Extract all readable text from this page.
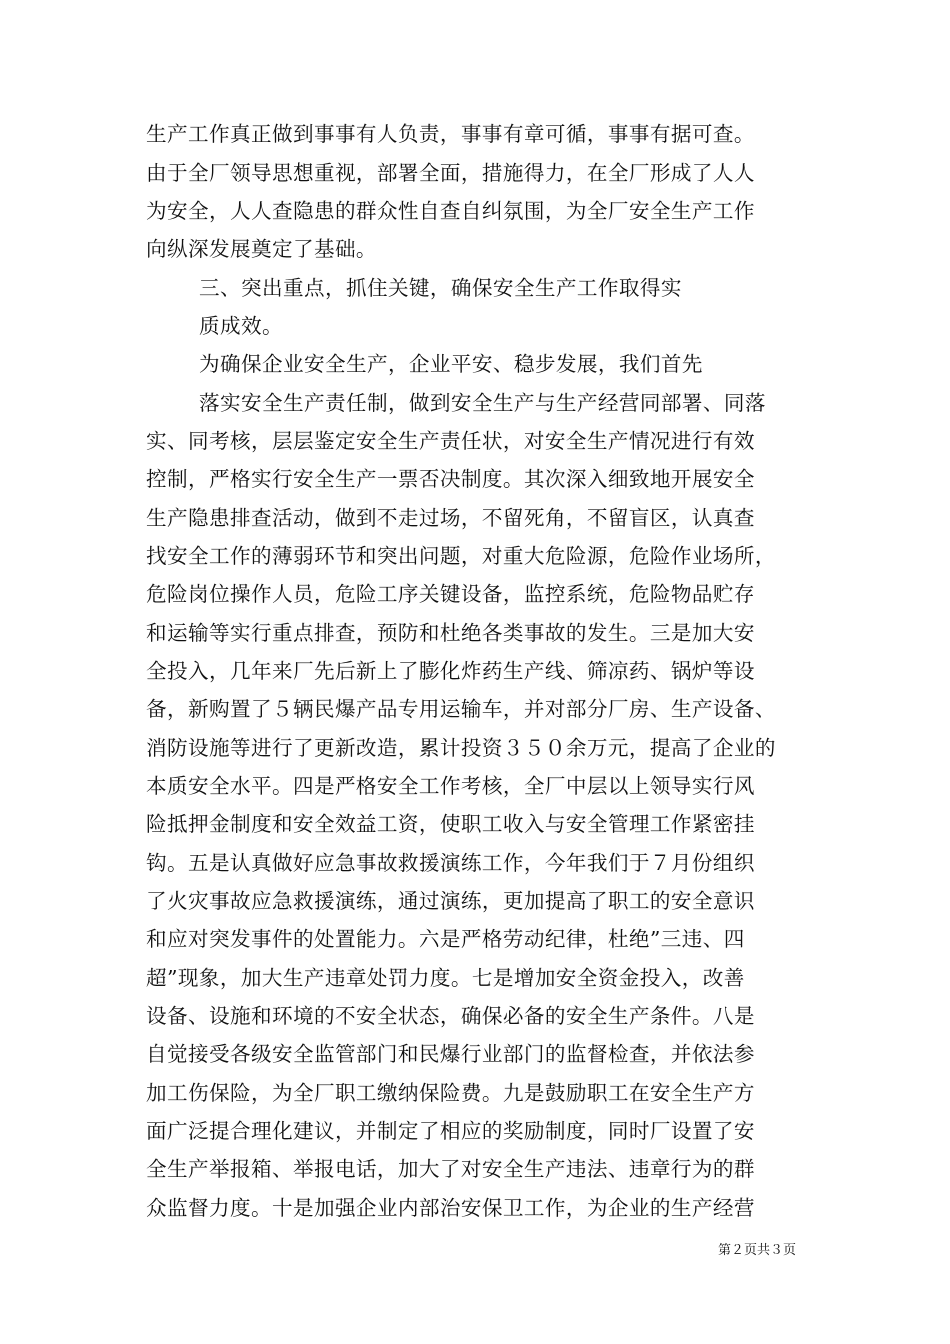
生产工作真正做到事事有人负责，事事有章可循，事事有据可查。
由于全厂领导思想重视，部署全面，措施得力，在全厂形成了人人
为安全，人人查隐患的群众性自查自纠氛围，为全厂安全生产工作
向纵深发展奠定了基础。
三、突出重点，抓住关键，确保安全生产工作取得实
质成效。
为确保企业安全生产，企业平安、稳步发展，我们首先
落实安全生产责任制，做到安全生产与生产经营同部署、同落
实、同考核，层层鉴定安全生产责任状，对安全生产情况进行有效
控制，严格实行安全生产一票否决制度。其次深入细致地开展安全
生产隐患排查活动，做到不走过场，不留死角，不留盲区，认真查
找安全工作的薄弱环节和突出问题，对重大危险源，危险作业场所，
危险岗位操作人员，危险工序关键设备，监控系统，危险物品贮存
和运输等实行重点排查，预防和杜绝各类事故的发生。三是加大安
全投入，几年来厂先后新上了膨化炸药生产线、筛凉药、锅炉等设
备，新购置了５辆民爆产品专用运输车，并对部分厂房、生产设备、
消防设施等进行了更新改造，累计投资３５０余万元，提高了企业的
本质安全水平。四是严格安全工作考核，全厂中层以上领导实行风
险抵押金制度和安全效益工资，使职工收入与安全管理工作紧密挂
钩。五是认真做好应急事故救援演练工作，今年我们于７月份组织
了火灾事故应急救援演练，通过演练，更加提高了职工的安全意识
和应对突发事件的处置能力。六是严格劳动纪律，杜绝”三违、四
超”现象，加大生产违章处罚力度。七是增加安全资金投入，改善
设备、设施和环境的不安全状态，确保必备的安全生产条件。八是
自觉接受各级安全监管部门和民爆行业部门的监督检查，并依法参
加工伤保险，为全厂职工缴纳保险费。九是鼓励职工在安全生产方
面广泛提合理化建议，并制定了相应的奖励制度，同时厂设置了安
全生产举报箱、举报电话，加大了对安全生产违法、违章行为的群
众监督力度。十是加强企业内部治安保卫工作，为企业的生产经营
第２页共３页
